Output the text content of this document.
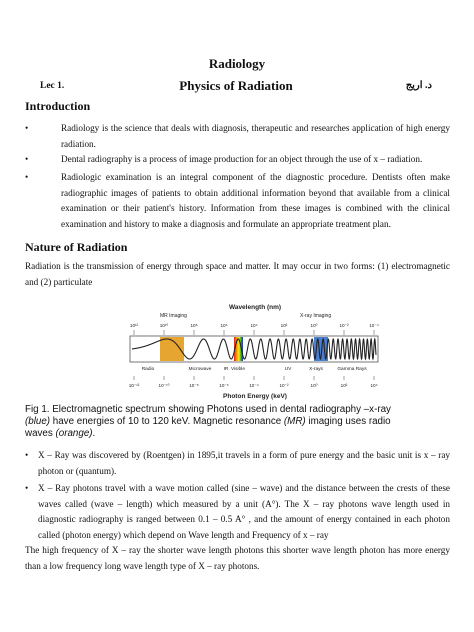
Radiology
Lec 1.	Physics of Radiation	د. اريج
Introduction
•	Radiology is the science that deals with diagnosis, therapeutic and researches application of high energy radiation.
•	Dental radiography is a process of image production for an object through the use of x – radiation.
•	Radiologic examination is an integral component of the diagnostic procedure. Dentists often make radiographic images of patients to obtain additional information beyond that available from a clinical examination or their patient's history. Information from these images is combined with the clinical examination and history to make a diagnosis and formulate an appropriate treatment plan.
Nature of Radiation
Radiation is the transmission of energy through space and matter. It may occur in two forms: (1) electromagnetic and (2) particulate
Wavelength (nm)
MR Imaging	X-ray Imaging
10¹²	10¹⁰	10⁸	10⁶	10⁴	10²	10⁰	10⁻²	10⁻⁴
Radio	Microwave	IR Visible	UV	X-rays	Gamma Rays
10⁻¹²	10⁻¹⁰	10⁻⁸	10⁻⁶	10⁻⁴	10⁻²	10⁰	10²	10⁴
Photon Energy (keV)
Fig 1. Electromagnetic spectrum showing Photons used in dental radiography –x-ray (blue) have energies of 10 to 120 keV. Magnetic resonance (MR) imaging uses radio waves (orange).
• X – Ray was discovered by (Roentgen) in 1895,it travels in a form of pure energy and the basic unit is x – ray photon or (quantum).
• X – Ray photons travel with a wave motion called (sine – wave) and the distance between the crests of these waves called (wave – length) which measured by a unit (A°). The X – ray photons wave length used in diagnostic radiography is ranged between 0.1 – 0.5 A° , and the amount of energy contained in each photon called (photon energy) which depend on Wave length and Frequency of x – ray
The high frequency of X – ray the shorter wave length photons this shorter wave length photon has more energy than a low frequency long wave length type of X – ray photons.
